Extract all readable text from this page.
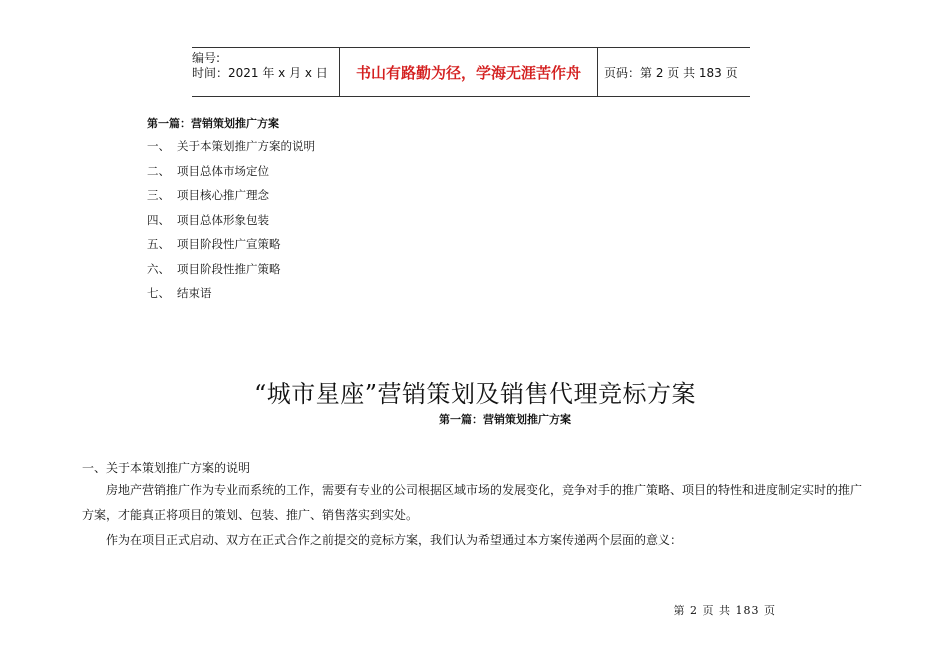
编号:
时间：2021 年 x 月 x 日	书山有路勤为径，学海无涯苦作舟	页码：第 2 页 共 183 页
第一篇：营销策划推广方案
一、 关于本策划推广方案的说明
二、 项目总体市场定位
三、 项目核心推广理念
四、 项目总体形象包装
五、 项目阶段性广宣策略
六、 项目阶段性推广策略
七、 结束语
“城市星座”营销策划及销售代理竞标方案
第一篇：营销策划推广方案
一、关于本策划推广方案的说明

房地产营销推广作为专业而系统的工作，需要有专业的公司根据区域市场的发展变化，竞争对手的推广策略、项目的特性和进度制定实时的推广方案，才能真正将项目的策划、包装、推广、销售落实到实处。

作为在项目正式启动、双方在正式合作之前提交的竞标方案，我们认为希望通过本方案传递两个层面的意义：

第 2 页 共 183 页
